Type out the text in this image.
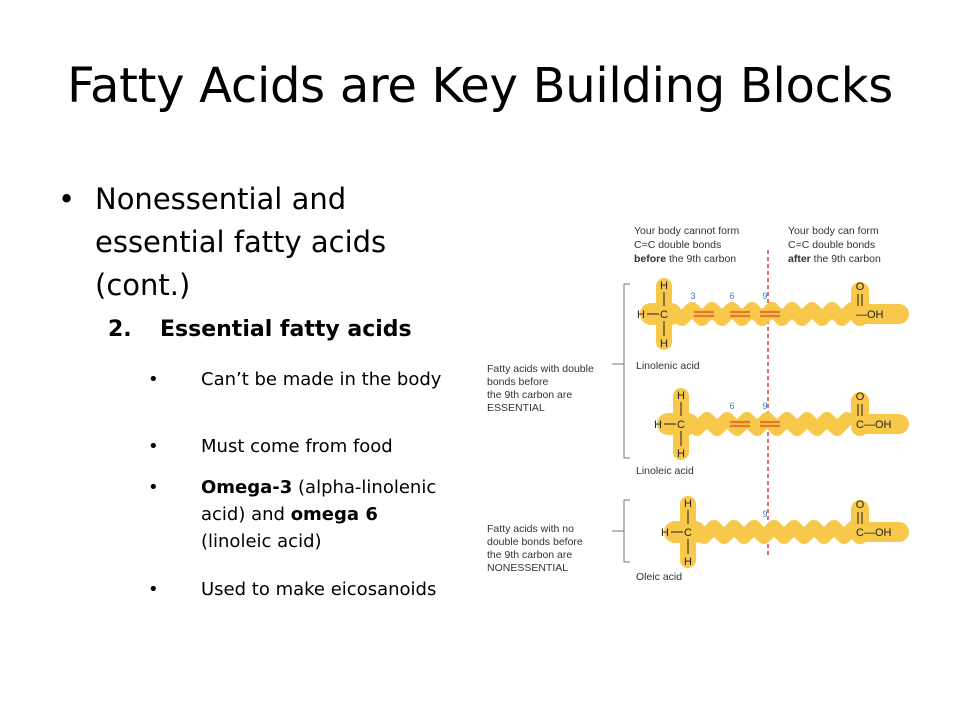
Fatty Acids are Key Building Blocks
• Nonessential and essential fatty acids (cont.)
2. Essential fatty acids
• Can’t be made in the body
• Must come from food
• Omega-3 (alpha-linolenic acid) and omega 6 (linoleic acid)
• Used to make eicosanoids
Your body cannot form
C=C double bonds
before the 9th carbon
Your body can form
C=C double bonds
after the 9th carbon
Fatty acids with double
bonds before
the 9th carbon are
ESSENTIAL
Fatty acids with no
double bonds before
the 9th carbon are
NONESSENTIAL
Linolenic acid
Linoleic acid
Oleic acid
3	6	9
H
H C
H
O
—OH
6	9
H
H C
H
O
C—OH
9
H
H C
H
O
C—OH
